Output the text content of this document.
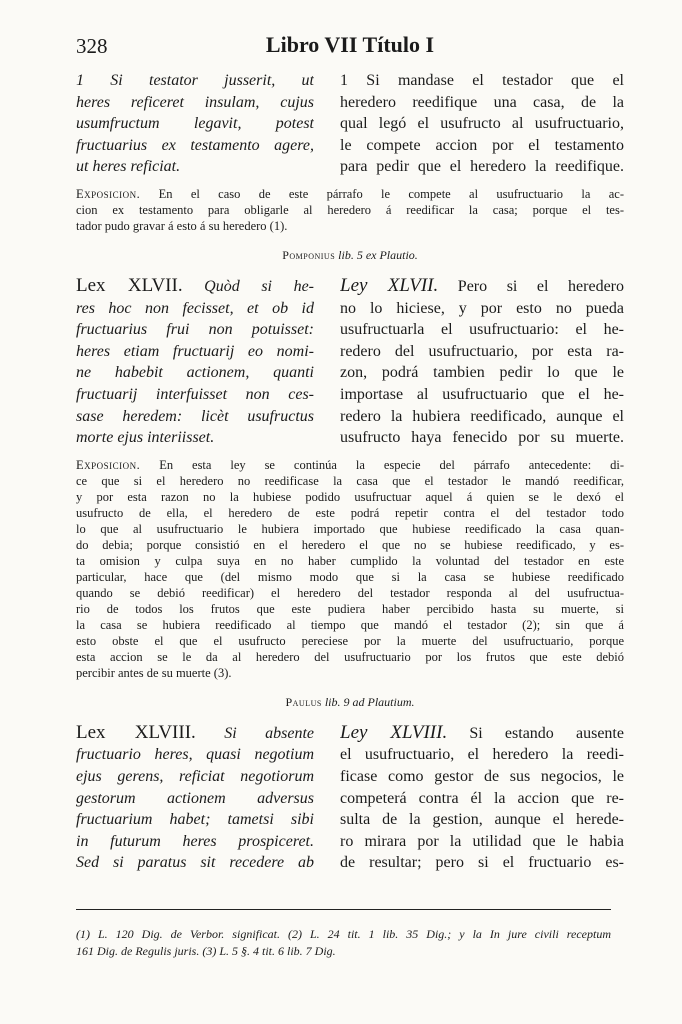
328	Libro VII Título I
1 Si testator jusserit, ut
heres reficeret insulam, cujus
usumfructum legavit, potest
fructuarius ex testamento agere,
ut heres reficiat.
1 Si mandase el testador que el
heredero reedifique una casa, de la
qual legó el usufructo al usufructuario,
le compete accion por el testamento
para pedir que el heredero la reedifique.
Exposicion. En el caso de este párrafo le compete al usufructuario la ac-
cion ex testamento para obligarle al heredero á reedificar la casa; porque el tes-
tador pudo gravar á esto á su heredero (1).
Pomponius lib. 5 ex Plautio.
Lex XLVII. Quòd si he-
res hoc non fecisset, et ob id
fructuarius frui non potuisset:
heres etiam fructuarij eo nomi-
ne habebit actionem, quanti
fructuarij interfuisset non ces-
sase heredem: licèt usufructus
morte ejus interiisset.
Ley XLVII. Pero si el heredero
no lo hiciese, y por esto no pueda
usufructuarla el usufructuario: el he-
redero del usufructuario, por esta ra-
zon, podrá tambien pedir lo que le
importase al usufructuario que el he-
redero la hubiera reedificado, aunque el
usufructo haya fenecido por su muerte.
Exposicion. En esta ley se continúa la especie del párrafo antecedente: di-
ce que si el heredero no reedificase la casa que el testador le mandó reedificar,
y por esta razon no la hubiese podido usufructuar aquel á quien se le dexó el
usufructo de ella, el heredero de este podrá repetir contra el del testador todo
lo que al usufructuario le hubiera importado que hubiese reedificado la casa quan-
do debia; porque consistió en el heredero el que no se hubiese reedificado, y es-
ta omision y culpa suya en no haber cumplido la voluntad del testador en este
particular, hace que (del mismo modo que si la casa se hubiese reedificado
quando se debió reedificar) el heredero del testador responda al del usufructua-
rio de todos los frutos que este pudiera haber percibido hasta su muerte, si
la casa se hubiera reedificado al tiempo que mandó el testador (2); sin que á
esto obste el que el usufructo pereciese por la muerte del usufructuario, porque
esta accion se le da al heredero del usufructuario por los frutos que este debió
percibir antes de su muerte (3).
Paulus lib. 9 ad Plautium.
Lex XLVIII. Si absente
fructuario heres, quasi negotium
ejus gerens, reficiat negotiorum
gestorum actionem adversus
fructuarium habet; tametsi sibi
in futurum heres prospiceret.
Sed si paratus sit recedere ab
Ley XLVIII. Si estando ausente
el usufructuario, el heredero la reedi-
ficase como gestor de sus negocios, le
competerá contra él la accion que re-
sulta de la gestion, aunque el herede-
ro mirara por la utilidad que le habia
de resultar; pero si el fructuario es-
(1) L. 120 Dig. de Verbor. significat. (2) L. 24 tit. 1 lib. 35 Dig.; y la In jure civili receptum
161 Dig. de Regulis juris. (3) L. 5 §. 4 tit. 6 lib. 7 Dig.
